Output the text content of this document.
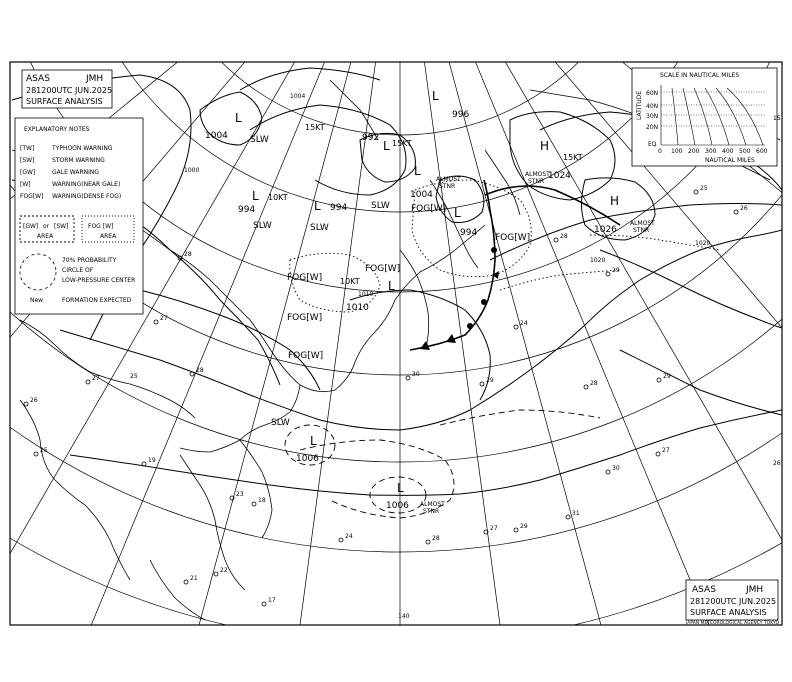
ASAS	JMH
281200UTC JUN.2025
SURFACE ANALYSIS
EXPLANATORY NOTES
[TW]	TYPHOON WARNING
[SW]	STORM WARNING
[GW]	GALE WARNING
[W]	WARNING(NEAR GALE)
FOG[W] WARNING(DENSE FOG)
[GW] or [SW]
AREA
FOG [W]
AREA
70% PROBABILITY
CIRCLE OF
LOW-PRESSURE CENTER
New	FORMATION EXPECTED
SCALE IN NAUTICAL MILES
LATITUDE 60N
40N
30N
20N
EQ
0 100 200 300 400 500 600
NAUTICAL MILES
L
1004
L
992
L
996
L
1004
L
994	L 994	L
994
L
1010
H
1024
H
1026
L
1006
L
1006
1004
1010
1000
1020
1020
SLW
SLW
SLW
SLW
SLW
FOG[W]
FOG[W]
FOG[W]
FOG[W]
FOG[W]
FOG[W]
15KT
15KT
10KT
10KT
15KT
ALMOST
STNR
ALMOST
STNR
ALMOST
STNR
ALMOST
STNR
28
27
27
28
25
29
30
28
29
27
26
30
31
29
28
24
23
21
19
18
17
22
25
26
27
28
29
24
25
26
140
15
ASAS	JMH
281200UTC JUN.2025
SURFACE ANALYSIS
JAPAN METEOROLOGICAL AGENCY TOKYO
